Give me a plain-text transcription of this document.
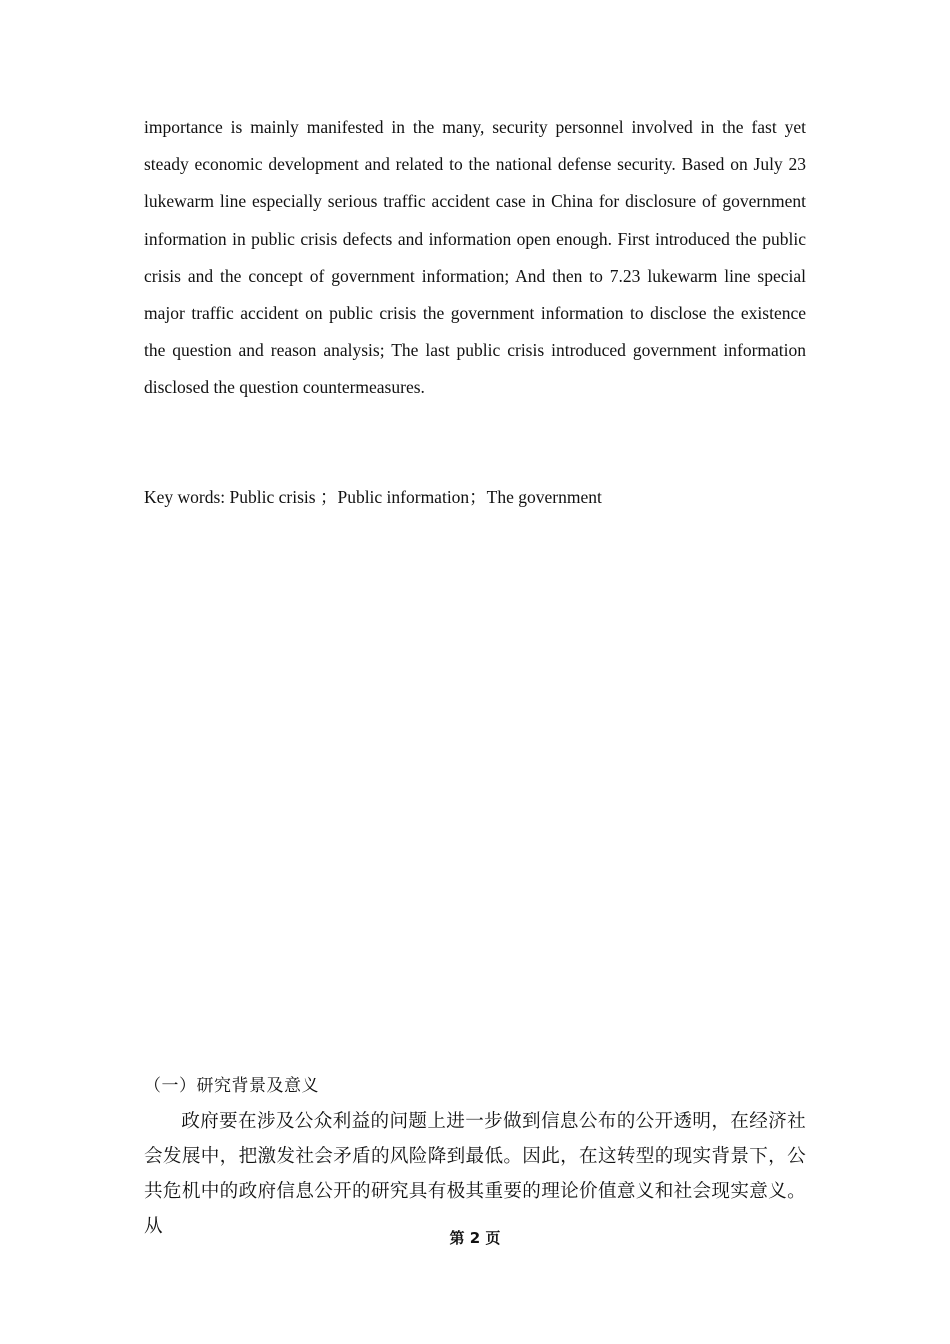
importance is mainly manifested in the many, security personnel involved in the fast yet steady economic development and related to the national defense security. Based on July 23 lukewarm line especially serious traffic accident case in China for disclosure of government information in public crisis defects and information open enough. First introduced the public crisis and the concept of government information; And then to 7.23 lukewarm line special major traffic accident on public crisis the government information to disclose the existence the question and reason analysis; The last public crisis introduced government information disclosed the question countermeasures.

Key words: Public crisis ；Public information；The government

（一）研究背景及意义

政府要在涉及公众利益的问题上进一步做到信息公布的公开透明，在经济社会发展中，把激发社会矛盾的风险降到最低。因此，在这转型的现实背景下，公共危机中的政府信息公开的研究具有极其重要的理论价值意义和社会现实意义。从

第 2 页
